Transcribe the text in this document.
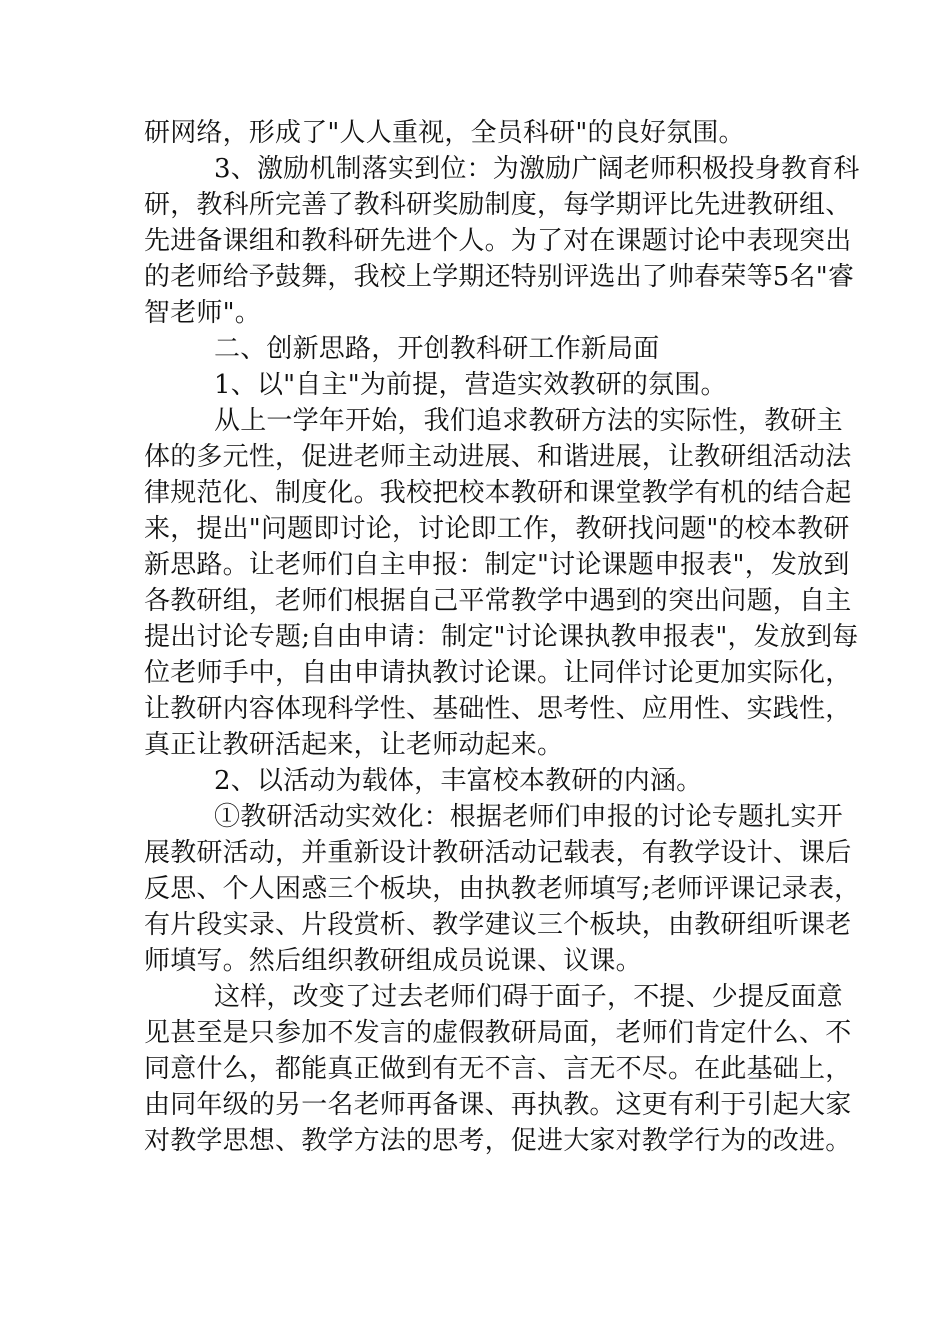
研网络，形成了"人人重视，全员科研"的良好氛围。
3、激励机制落实到位：为激励广阔老师积极投身教育科
研，教科所完善了教科研奖励制度，每学期评比先进教研组、
先进备课组和教科研先进个人。为了对在课题讨论中表现突出
的老师给予鼓舞，我校上学期还特别评选出了帅春荣等5名"睿
智老师"。
二、创新思路，开创教科研工作新局面
1、以"自主"为前提，营造实效教研的氛围。
从上一学年开始，我们追求教研方法的实际性，教研主
体的多元性，促进老师主动进展、和谐进展，让教研组活动法
律规范化、制度化。我校把校本教研和课堂教学有机的结合起
来，提出"问题即讨论，讨论即工作，教研找问题"的校本教研
新思路。让老师们自主申报：制定"讨论课题申报表"，发放到
各教研组，老师们根据自己平常教学中遇到的突出问题，自主
提出讨论专题;自由申请：制定"讨论课执教申报表"，发放到每
位老师手中，自由申请执教讨论课。让同伴讨论更加实际化，
让教研内容体现科学性、基础性、思考性、应用性、实践性，
真正让教研活起来，让老师动起来。
2、以活动为载体，丰富校本教研的内涵。
①教研活动实效化：根据老师们申报的讨论专题扎实开
展教研活动，并重新设计教研活动记载表，有教学设计、课后
反思、个人困惑三个板块，由执教老师填写;老师评课记录表，
有片段实录、片段赏析、教学建议三个板块，由教研组听课老
师填写。然后组织教研组成员说课、议课。
这样，改变了过去老师们碍于面子，不提、少提反面意
见甚至是只参加不发言的虚假教研局面，老师们肯定什么、不
同意什么，都能真正做到有无不言、言无不尽。在此基础上，
由同年级的另一名老师再备课、再执教。这更有利于引起大家
对教学思想、教学方法的思考，促进大家对教学行为的改进。
